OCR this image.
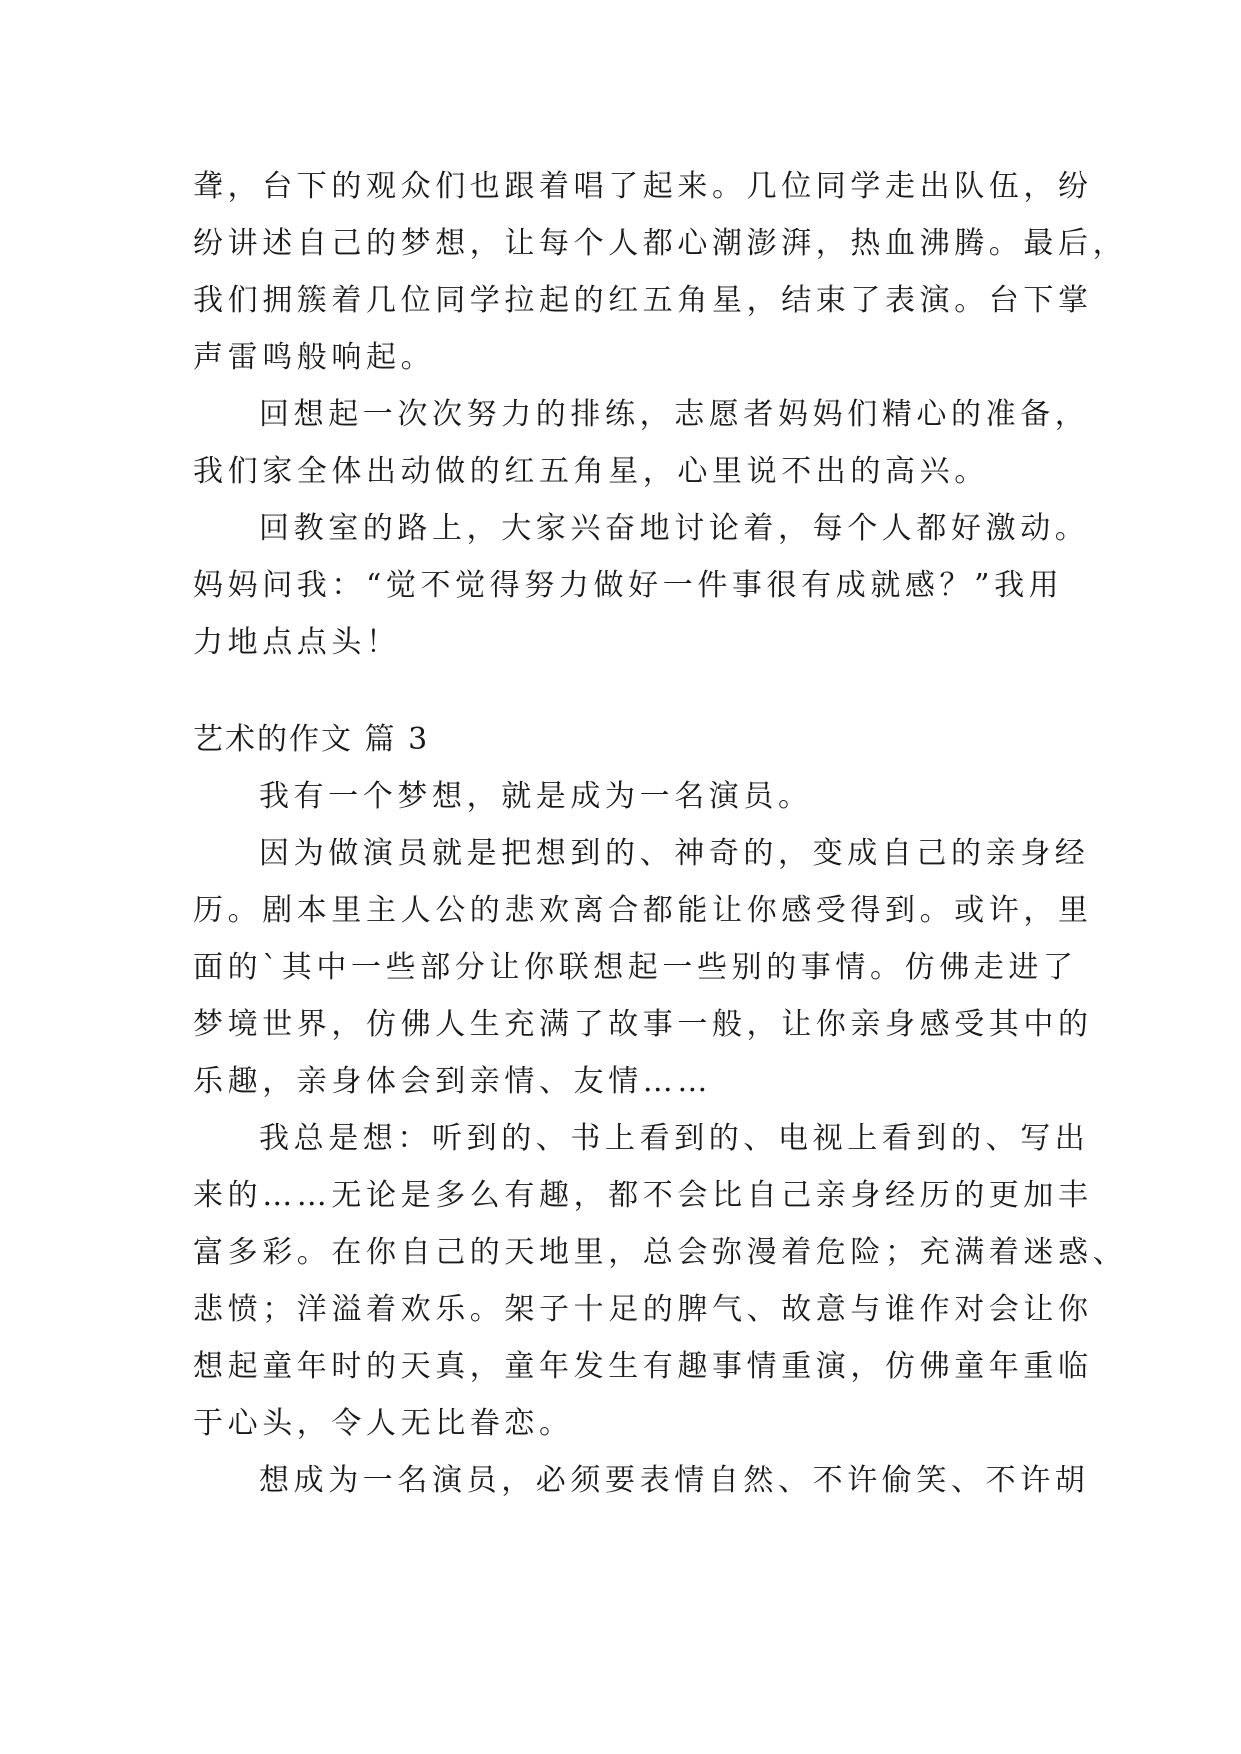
聋，台下的观众们也跟着唱了起来。几位同学走出队伍，纷
纷讲述自己的梦想，让每个人都心潮澎湃，热血沸腾。最后，
我们拥簇着几位同学拉起的红五角星，结束了表演。台下掌
声雷鸣般响起。
回想起一次次努力的排练，志愿者妈妈们精心的准备，
我们家全体出动做的红五角星，心里说不出的高兴。
回教室的路上，大家兴奋地讨论着，每个人都好激动。
妈妈问我：“觉不觉得努力做好一件事很有成就感？”我用
力地点点头！
艺术的作文 篇 3
我有一个梦想，就是成为一名演员。
因为做演员就是把想到的、神奇的，变成自己的亲身经
历。剧本里主人公的悲欢离合都能让你感受得到。或许，里
面的`其中一些部分让你联想起一些别的事情。仿佛走进了
梦境世界，仿佛人生充满了故事一般，让你亲身感受其中的
乐趣，亲身体会到亲情、友情……
我总是想：听到的、书上看到的、电视上看到的、写出
来的……无论是多么有趣，都不会比自己亲身经历的更加丰
富多彩。在你自己的天地里，总会弥漫着危险；充满着迷惑、
悲愤；洋溢着欢乐。架子十足的脾气、故意与谁作对会让你
想起童年时的天真，童年发生有趣事情重演，仿佛童年重临
于心头，令人无比眷恋。
想成为一名演员，必须要表情自然、不许偷笑、不许胡
